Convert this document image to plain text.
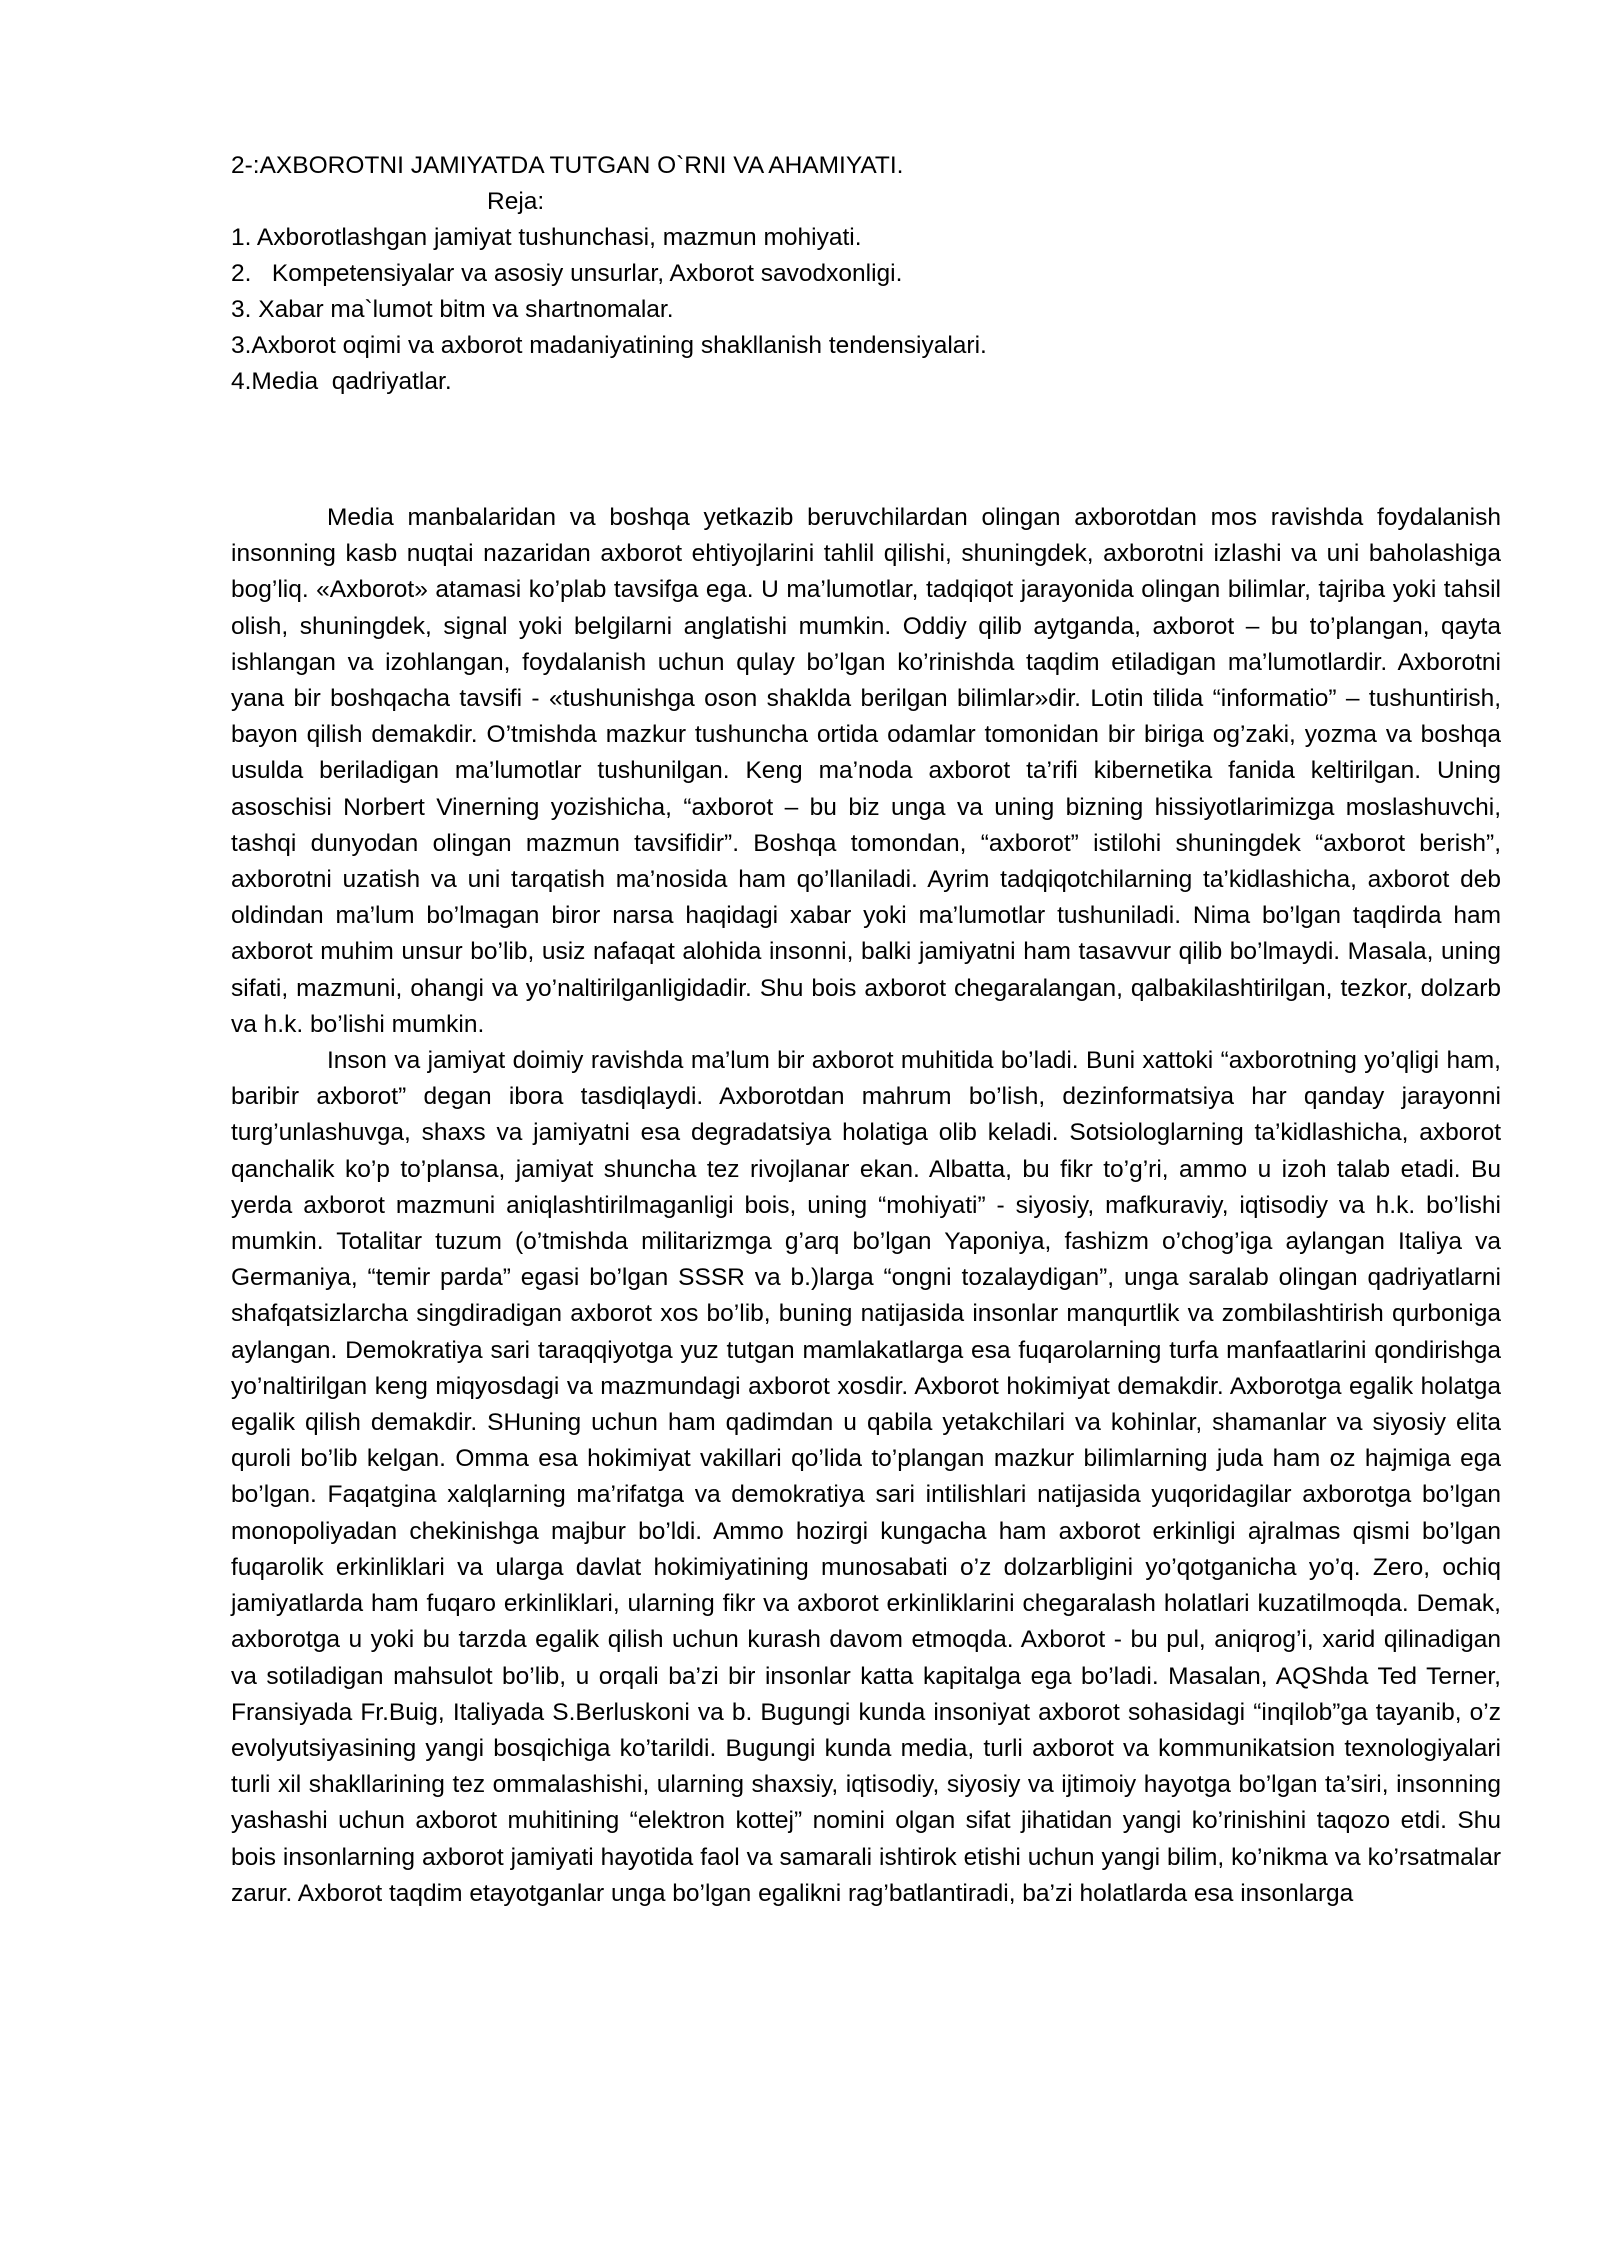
2-:AXBOROTNI JAMIYATDA TUTGAN O`RNI VA AHAMIYATI.
Reja:
1. Axborotlashgan jamiyat tushunchasi, mazmun mohiyati.
2.   Kompetensiyalar va asosiy unsurlar, Axborot savodxonligi.
3. Xabar ma`lumot bitm va shartnomalar.
3.Axborot oqimi va axborot madaniyatining shakllanish tendensiyalari.
4.Media  qadriyatlar.

Media manbalaridan va boshqa yetkazib beruvchilardan olingan axborotdan mos ravishda foydalanish insonning kasb nuqtai nazaridan axborot ehtiyojlarini tahlil qilishi, shuningdek, axborotni izlashi va uni baholashiga bog’liq. «Axborot» atamasi ko’plab tavsifga ega. U ma’lumotlar, tadqiqot jarayonida olingan bilimlar, tajriba yoki tahsil olish, shuningdek, signal yoki belgilarni anglatishi mumkin. Oddiy qilib aytganda, axborot – bu to’plangan, qayta ishlangan va izohlangan, foydalanish uchun qulay bo’lgan ko’rinishda taqdim etiladigan ma’lumotlardir. Axborotni yana bir boshqacha tavsifi - «tushunishga oson shaklda berilgan bilimlar»dir. Lotin tilida “informatio” – tushuntirish, bayon qilish demakdir. O’tmishda mazkur tushuncha ortida odamlar tomonidan bir biriga og’zaki, yozma va boshqa usulda beriladigan ma’lumotlar tushunilgan. Keng ma’noda axborot ta’rifi kibernetika fanida keltirilgan. Uning asoschisi Norbert Vinerning yozishicha, “axborot – bu biz unga va uning bizning hissiyotlarimizga moslashuvchi, tashqi dunyodan olingan mazmun tavsifidir”. Boshqa tomondan, “axborot” istilohi shuningdek “axborot berish”, axborotni uzatish va uni tarqatish ma’nosida ham qo’llaniladi. Ayrim tadqiqotchilarning ta’kidlashicha, axborot deb oldindan ma’lum bo’lmagan biror narsa haqidagi xabar yoki ma’lumotlar tushuniladi. Nima bo’lgan taqdirda ham axborot muhim unsur bo’lib, usiz nafaqat alohida insonni, balki jamiyatni ham tasavvur qilib bo’lmaydi. Masala, uning sifati, mazmuni, ohangi va yo’naltirilganligidadir. Shu bois axborot chegaralangan, qalbakilashtirilgan, tezkor, dolzarb va h.k. bo’lishi mumkin.

Inson va jamiyat doimiy ravishda ma’lum bir axborot muhitida bo’ladi. Buni xattoki “axborotning yo’qligi ham, baribir axborot” degan ibora tasdiqlaydi. Axborotdan mahrum bo’lish, dezinformatsiya har qanday jarayonni turg’unlashuvga, shaxs va jamiyatni esa degradatsiya holatiga olib keladi. Sotsiologlarning ta’kidlashicha, axborot qanchalik ko’p to’plansa, jamiyat shuncha tez rivojlanar ekan. Albatta, bu fikr to’g’ri, ammo u izoh talab etadi. Bu yerda axborot mazmuni aniqlashtirilmaganligi bois, uning “mohiyati” - siyosiy, mafkuraviy, iqtisodiy va h.k. bo’lishi mumkin. Totalitar tuzum (o’tmishda militarizmga g’arq bo’lgan Yaponiya, fashizm o’chog’iga aylangan Italiya va Germaniya, “temir parda” egasi bo’lgan SSSR va b.)larga “ongni tozalaydigan”, unga saralab olingan qadriyatlarni shafqatsizlarcha singdiradigan axborot xos bo’lib, buning natijasida insonlar manqurtlik va zombilashtirish qurboniga aylangan. Demokratiya sari taraqqiyotga yuz tutgan mamlakatlarga esa fuqarolarning turfa manfaatlarini qondirishga yo’naltirilgan keng miqyosdagi va mazmundagi axborot xosdir. Axborot hokimiyat demakdir. Axborotga egalik holatga egalik qilish demakdir. SHuning uchun ham qadimdan u qabila yetakchilari va kohinlar, shamanlar va siyosiy elita quroli bo’lib kelgan. Omma esa hokimiyat vakillari qo’lida to’plangan mazkur bilimlarning juda ham oz hajmiga ega bo’lgan. Faqatgina xalqlarning ma’rifatga va demokratiya sari intilishlari natijasida yuqoridagilar axborotga bo’lgan monopoliyadan chekinishga majbur bo’ldi. Ammo hozirgi kungacha ham axborot erkinligi ajralmas qismi bo’lgan fuqarolik erkinliklari va ularga davlat hokimiyatining munosabati o’z dolzarbligini yo’qotganicha yo’q. Zero, ochiq jamiyatlarda ham fuqaro erkinliklari, ularning fikr va axborot erkinliklarini chegaralash holatlari kuzatilmoqda. Demak, axborotga u yoki bu tarzda egalik qilish uchun kurash davom etmoqda. Axborot - bu pul, aniqrog’i, xarid qilinadigan va sotiladigan mahsulot bo’lib, u orqali ba’zi bir insonlar katta kapitalga ega bo’ladi. Masalan, AQShda Ted Terner, Fransiyada Fr.Buig, Italiyada S.Berluskoni va b. Bugungi kunda insoniyat axborot sohasidagi “inqilob”ga tayanib, o’z evolyutsiyasining yangi bosqichiga ko’tarildi. Bugungi kunda media, turli axborot va kommunikatsion texnologiyalari turli xil shakllarining tez ommalashishi, ularning shaxsiy, iqtisodiy, siyosiy va ijtimoiy hayotga bo’lgan ta’siri, insonning yashashi uchun axborot muhitining “elektron kottej” nomini olgan sifat jihatidan yangi ko’rinishini taqozo etdi. Shu bois insonlarning axborot jamiyati hayotida faol va samarali ishtirok etishi uchun yangi bilim, ko’nikma va ko’rsatmalar zarur. Axborot taqdim etayotganlar unga bo’lgan egalikni rag’batlantiradi, ba’zi holatlarda esa insonlarga
